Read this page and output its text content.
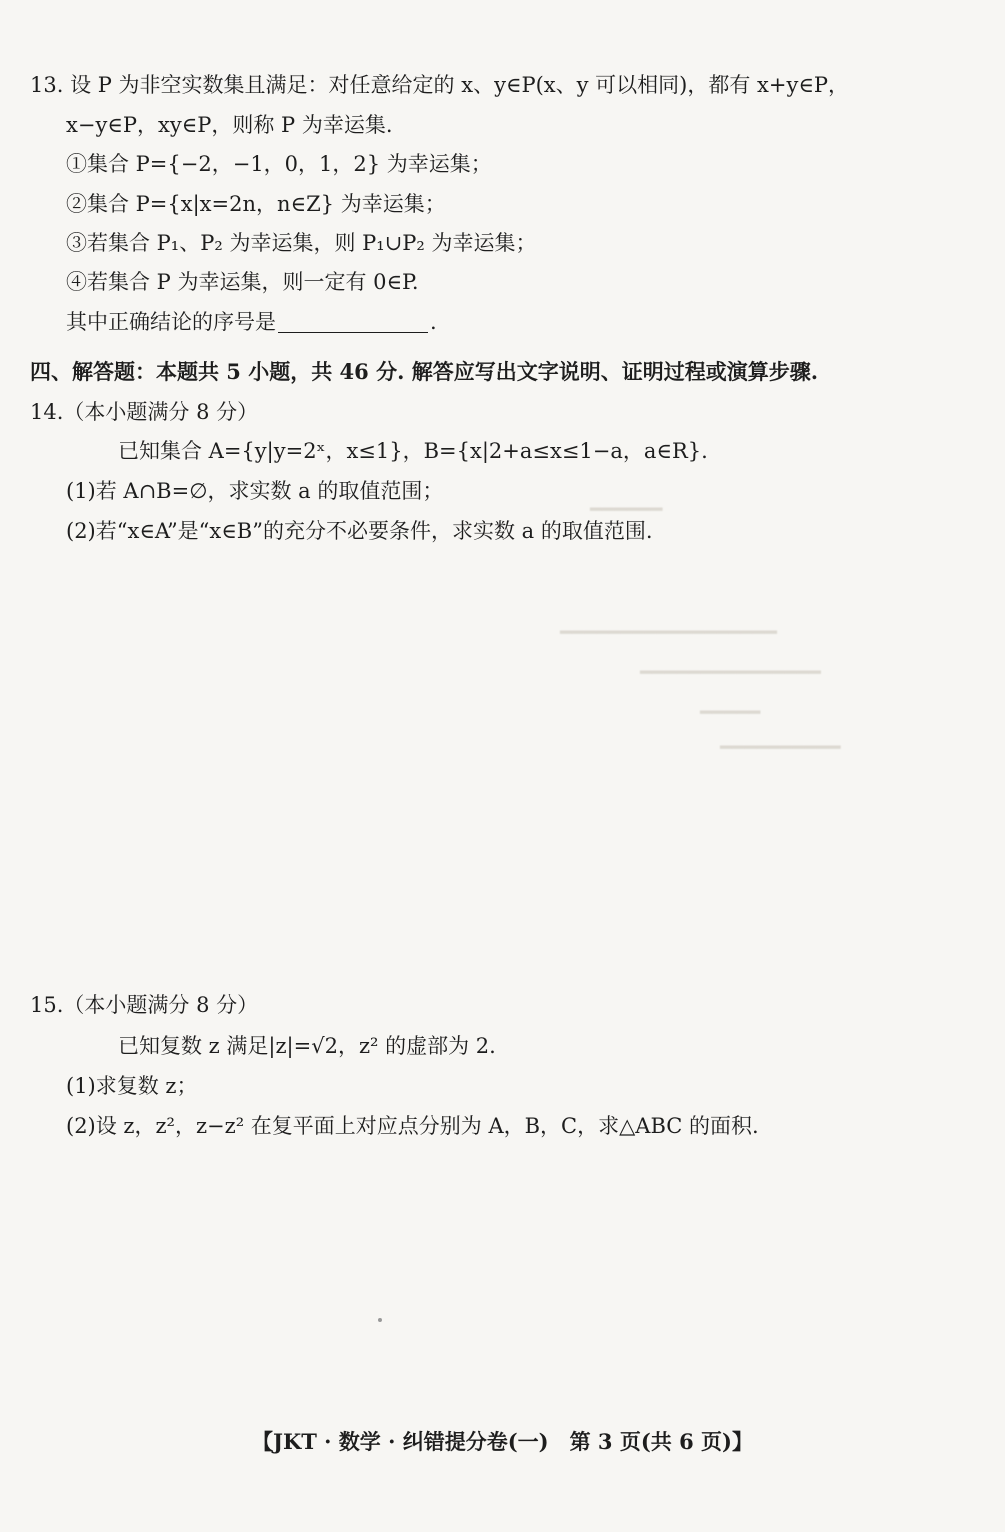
━━━━━━
━━━━━━━━━━━━━━━━━━
━━━━━━━━━━━━━━━
━━━━━
━━━━━━━━━━
13. 设 P 为非空实数集且满足：对任意给定的 x、y∈P(x、y 可以相同)，都有 x+y∈P，
x−y∈P，xy∈P，则称 P 为幸运集.
①集合 P={−2，−1，0，1，2} 为幸运集；
②集合 P={x|x=2n，n∈Z} 为幸运集；
③若集合 P₁、P₂ 为幸运集，则 P₁∪P₂ 为幸运集；
④若集合 P 为幸运集，则一定有 0∈P.
其中正确结论的序号是	.
四、解答题：本题共 5 小题，共 46 分. 解答应写出文字说明、证明过程或演算步骤.
14.（本小题满分 8 分）
已知集合 A={y|y=2ˣ，x≤1}，B={x|2+a≤x≤1−a，a∈R}.
(1)若 A∩B=∅，求实数 a 的取值范围；
(2)若“x∈A”是“x∈B”的充分不必要条件，求实数 a 的取值范围.
15.（本小题满分 8 分）
已知复数 z 满足|z|=√2，z² 的虚部为 2.
(1)求复数 z；
(2)设 z，z²，z−z² 在复平面上对应点分别为 A，B，C，求△ABC 的面积.
【JKT · 数学 · 纠错提分卷(一)　第 3 页(共 6 页)】
